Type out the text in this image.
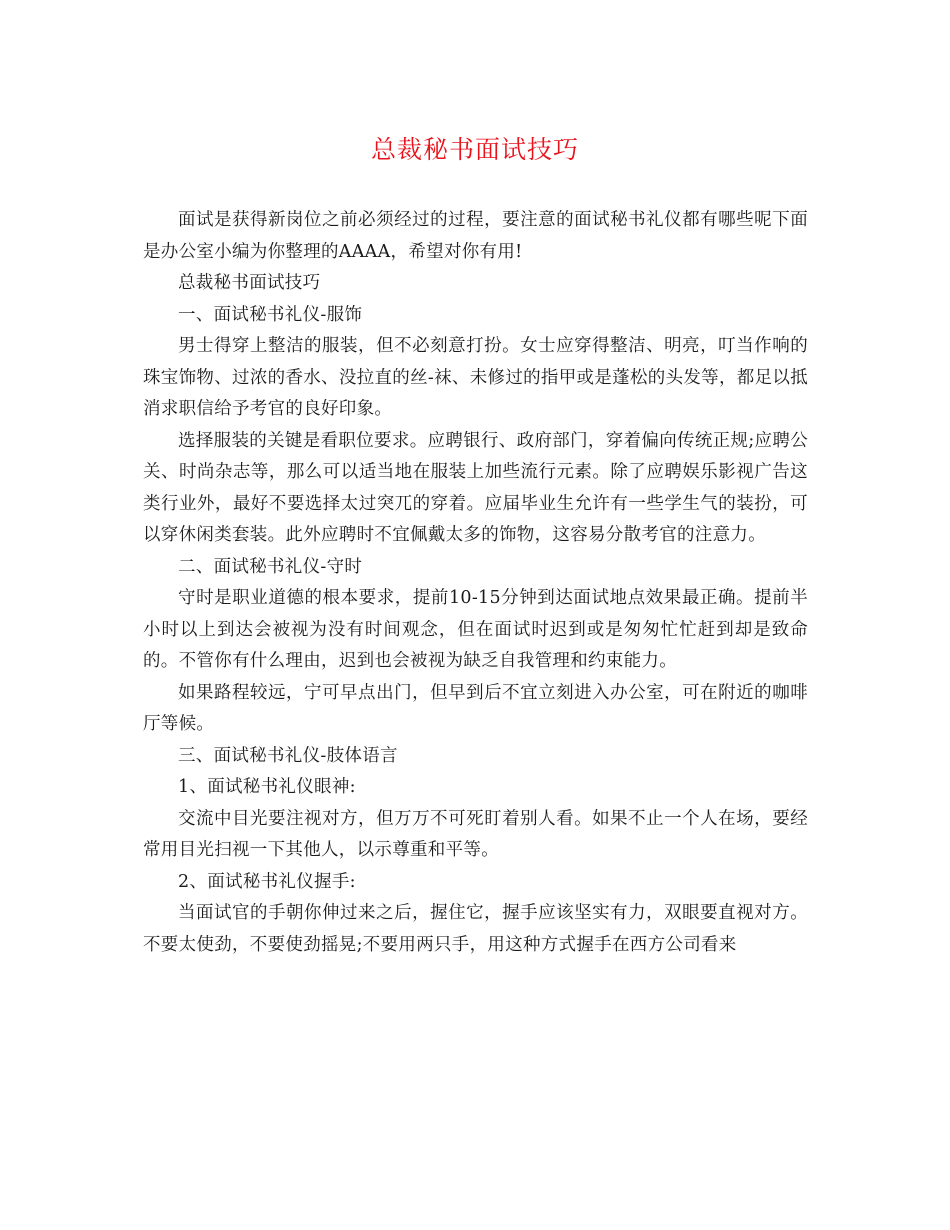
总裁秘书面试技巧

面试是获得新岗位之前必须经过的过程，要注意的面试秘书礼仪都有哪些呢下面是办公室小编为你整理的AAAA，希望对你有用!

总裁秘书面试技巧

一、面试秘书礼仪-服饰

男士得穿上整洁的服装，但不必刻意打扮。女士应穿得整洁、明亮，叮当作响的珠宝饰物、过浓的香水、没拉直的丝-袜、未修过的指甲或是蓬松的头发等，都足以抵消求职信给予考官的良好印象。

选择服装的关键是看职位要求。应聘银行、政府部门，穿着偏向传统正规;应聘公关、时尚杂志等，那么可以适当地在服装上加些流行元素。除了应聘娱乐影视广告这类行业外，最好不要选择太过突兀的穿着。应届毕业生允许有一些学生气的装扮，可以穿休闲类套装。此外应聘时不宜佩戴太多的饰物，这容易分散考官的注意力。

二、面试秘书礼仪-守时

守时是职业道德的根本要求，提前10-15分钟到达面试地点效果最正确。提前半小时以上到达会被视为没有时间观念，但在面试时迟到或是匆匆忙忙赶到却是致命的。不管你有什么理由，迟到也会被视为缺乏自我管理和约束能力。

如果路程较远，宁可早点出门，但早到后不宜立刻进入办公室，可在附近的咖啡厅等候。

三、面试秘书礼仪-肢体语言

1、面试秘书礼仪眼神:

交流中目光要注视对方，但万万不可死盯着别人看。如果不止一个人在场，要经常用目光扫视一下其他人，以示尊重和平等。

2、面试秘书礼仪握手:

当面试官的手朝你伸过来之后，握住它，握手应该坚实有力，双眼要直视对方。不要太使劲，不要使劲摇晃;不要用两只手，用这种方式握手在西方公司看来
